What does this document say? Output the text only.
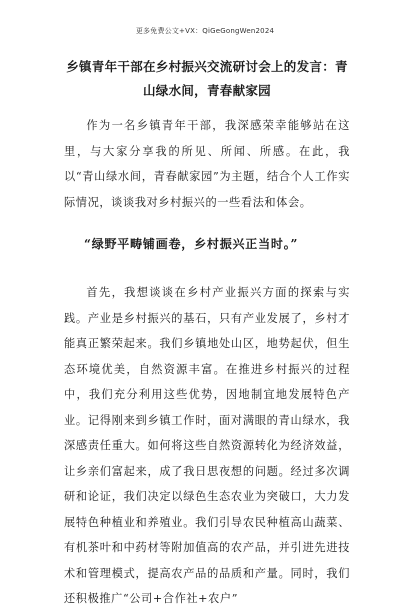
更多免费公文+VX：QiGeGongWen2024
乡镇青年干部在乡村振兴交流研讨会上的发言：青山绿水间，青春献家园

作为一名乡镇青年干部，我深感荣幸能够站在这里，与大家分享我的所见、所闻、所感。在此，我以“青山绿水间，青春献家园”为主题，结合个人工作实际情况，谈谈我对乡村振兴的一些看法和体会。

“绿野平畴铺画卷，乡村振兴正当时。”

首先，我想谈谈在乡村产业振兴方面的探索与实践。产业是乡村振兴的基石，只有产业发展了，乡村才能真正繁荣起来。我们乡镇地处山区，地势起伏，但生态环境优美，自然资源丰富。在推进乡村振兴的过程中，我们充分利用这些优势，因地制宜地发展特色产业。记得刚来到乡镇工作时，面对满眼的青山绿水，我深感责任重大。如何将这些自然资源转化为经济效益，让乡亲们富起来，成了我日思夜想的问题。经过多次调研和论证，我们决定以绿色生态农业为突破口，大力发展特色种植业和养殖业。我们引导农民种植高山蔬菜、有机茶叶和中药材等附加值高的农产品，并引进先进技术和管理模式，提高农产品的品质和产量。同时，我们还积极推广“公司+合作社+农户”
